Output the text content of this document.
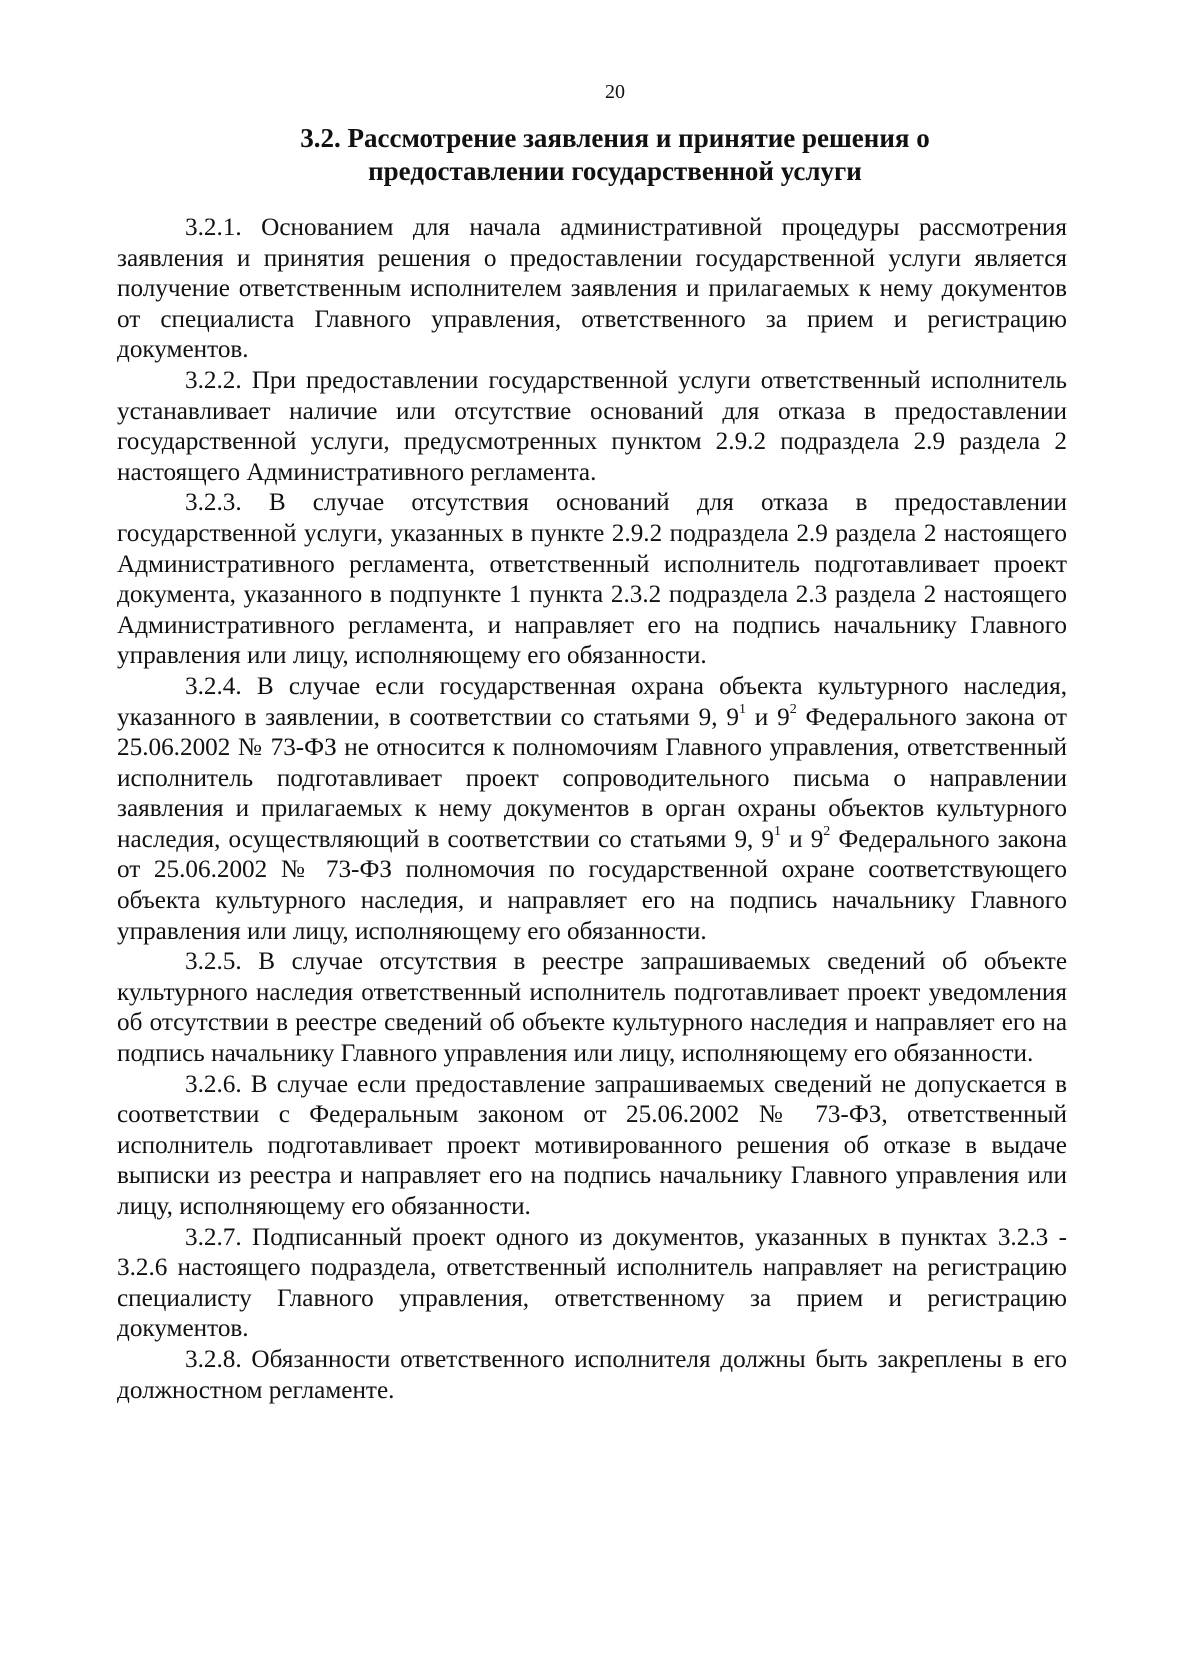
20
3.2. Рассмотрение заявления и принятие решения о
предоставлении государственной услуги

3.2.1. Основанием для начала административной процедуры рассмотрения заявления и принятия решения о предоставлении государственной услуги является получение ответственным исполнителем заявления и прилагаемых к нему документов от специалиста Главного управления, ответственного за прием и регистрацию документов.

3.2.2. При предоставлении государственной услуги ответственный исполнитель устанавливает наличие или отсутствие оснований для отказа в предоставлении государственной услуги, предусмотренных пунктом 2.9.2 подраздела 2.9 раздела 2 настоящего Административного регламента.

3.2.3. В случае отсутствия оснований для отказа в предоставлении государственной услуги, указанных в пункте 2.9.2 подраздела 2.9 раздела 2 настоящего Административного регламента, ответственный исполнитель подготавливает проект документа, указанного в подпункте 1 пункта 2.3.2 подраздела 2.3 раздела 2 настоящего Административного регламента, и направляет его на подпись начальнику Главного управления или лицу, исполняющему его обязанности.

3.2.4. В случае если государственная охрана объекта культурного наследия, указанного в заявлении, в соответствии со статьями 9, $9^1$ и $9^2$ Федерального закона от 25.06.2002 № 73-ФЗ не относится к полномочиям Главного управления, ответственный исполнитель подготавливает проект сопроводительного письма о направлении заявления и прилагаемых к нему документов в орган охраны объектов культурного наследия, осуществляющий в соответствии со статьями 9, $9^1$ и $9^2$ Федерального закона от 25.06.2002 № 73-ФЗ полномочия по государственной охране соответствующего объекта культурного наследия, и направляет его на подпись начальнику Главного управления или лицу, исполняющему его обязанности.

3.2.5. В случае отсутствия в реестре запрашиваемых сведений об объекте культурного наследия ответственный исполнитель подготавливает проект уведомления об отсутствии в реестре сведений об объекте культурного наследия и направляет его на подпись начальнику Главного управления или лицу, исполняющему его обязанности.

3.2.6. В случае если предоставление запрашиваемых сведений не допускается в соответствии с Федеральным законом от 25.06.2002 № 73-ФЗ, ответственный исполнитель подготавливает проект мотивированного решения об отказе в выдаче выписки из реестра и направляет его на подпись начальнику Главного управления или лицу, исполняющему его обязанности.

3.2.7. Подписанный проект одного из документов, указанных в пунктах 3.2.3 - 3.2.6 настоящего подраздела, ответственный исполнитель направляет на регистрацию специалисту Главного управления, ответственному за прием и регистрацию документов.

3.2.8. Обязанности ответственного исполнителя должны быть закреплены в его должностном регламенте.
